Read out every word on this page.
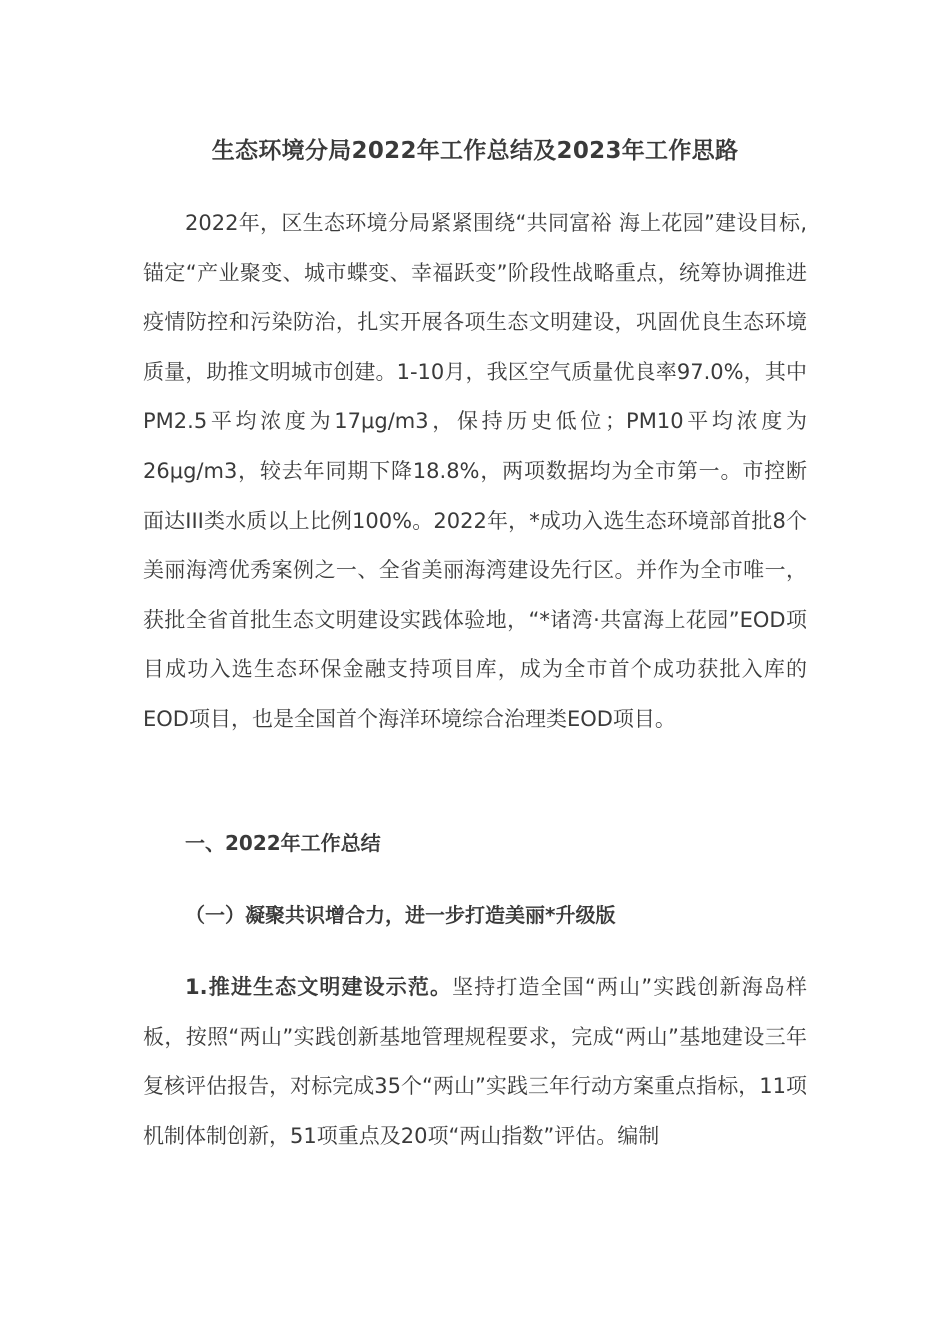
生态环境分局2022年工作总结及2023年工作思路

2022年，区生态环境分局紧紧围绕“共同富裕 海上花园”建设目标,锚定“产业聚变、城市蝶变、幸福跃变”阶段性战略重点，统筹协调推进疫情防控和污染防治，扎实开展各项生态文明建设，巩固优良生态环境质量，助推文明城市创建。1-10月，我区空气质量优良率97.0%，其中PM2.5平均浓度为17μg/m3，保持历史低位；PM10平均浓度为26μg/m3，较去年同期下降18.8%，两项数据均为全市第一。市控断面达III类水质以上比例100%。2022年，*成功入选生态环境部首批8个美丽海湾优秀案例之一、全省美丽海湾建设先行区。并作为全市唯一，获批全省首批生态文明建设实践体验地，“*诸湾·共富海上花园”EOD项目成功入选生态环保金融支持项目库，成为全市首个成功获批入库的EOD项目，也是全国首个海洋环境综合治理类EOD项目。

一、2022年工作总结
（一）凝聚共识增合力，进一步打造美丽*升级版

1.推进生态文明建设示范。坚持打造全国“两山”实践创新海岛样板，按照“两山”实践创新基地管理规程要求，完成“两山”基地建设三年复核评估报告，对标完成35个“两山”实践三年行动方案重点指标，11项机制体制创新，51项重点及20项“两山指数”评估。编制
